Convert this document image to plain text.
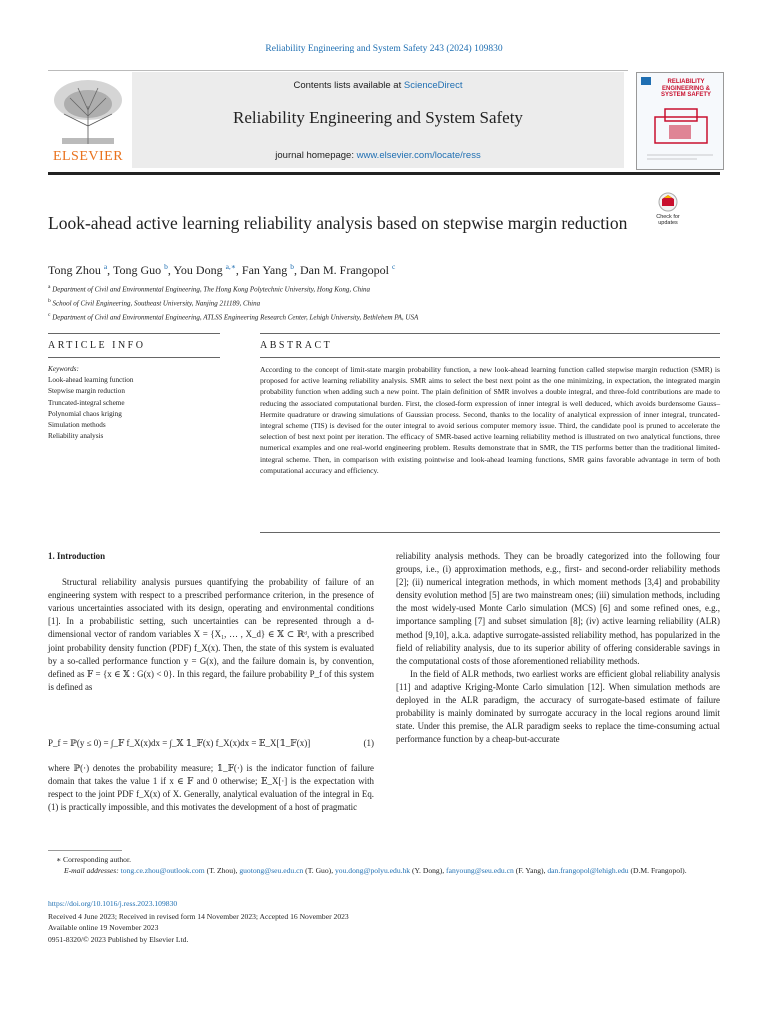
Reliability Engineering and System Safety 243 (2024) 109830
ELSEVIER
Contents lists available at ScienceDirect
Reliability Engineering and System Safety
journal homepage: www.elsevier.com/locate/ress
RELIABILITY ENGINEERING & SYSTEM SAFETY
Look-ahead active learning reliability analysis based on stepwise margin reduction	Check for updates
Tong Zhou $^a$, Tong Guo $^b$, You Dong $^{a,∗}$, Fan Yang $^b$, Dan M. Frangopol $^c$
$^a$ Department of Civil and Environmental Engineering, The Hong Kong Polytechnic University, Hong Kong, China
$^b$ School of Civil Engineering, Southeast University, Nanjing 211189, China
$^c$ Department of Civil and Environmental Engineering, ATLSS Engineering Research Center, Lehigh University, Bethlehem PA, USA
ARTICLE INFO	ABSTRACT
Keywords:
Look-ahead learning function
Stepwise margin reduction
Truncated-integral scheme
Polynomial chaos kriging
Simulation methods
Reliability analysis
According to the concept of limit-state margin probability function, a new look-ahead learning function called stepwise margin reduction (SMR) is proposed for active learning reliability analysis. SMR aims to select the best next point as the one minimizing, in expectation, the integrated margin probability function when adding such a new point. The plain definition of SMR involves a double integral, and three-fold contributions are made to reducing the associated computational burden. First, the closed-form expression of inner integral is well deduced, which avoids burdensome Gauss–Hermite quadrature or drawing simulations of Gaussian process. Second, thanks to the locality of analytical expression of inner integral, truncated-integral scheme (TIS) is devised for the outer integral to avoid serious computer memory issue. Third, the candidate pool is pruned to accelerate the selection of best next point per iteration. The efficacy of SMR-based active learning reliability method is illustrated on two analytical functions, three numerical examples and one real-world engineering problem. Results demonstrate that in SMR, the TIS performs better than the traditional limited-integral scheme. Then, in comparison with existing pointwise and look-ahead learning functions, SMR gains favorable advantage in term of both computational accuracy and efficiency.

1. Introduction

Structural reliability analysis pursues quantifying the probability of failure of an engineering system with respect to a prescribed performance criterion, in the presence of various uncertainties associated with its design, operating and environmental conditions [1]. In a probabilistic setting, such uncertainties can be represented through a d-dimensional vector of random variables X = {X₁, … , X_d} ∈ 𝕏 ⊂ ℝᵈ, with a prescribed joint probability density function (PDF) f_X(x). Then, the state of this system is evaluated by a so-called performance function y = G(x), and the failure domain is, by convention, defined as 𝔽 = {x ∈ 𝕏 : G(x) < 0}. In this regard, the failure probability P_f of this system is defined as

P_f = ℙ(y ≤ 0) = ∫_𝔽 f_X(x)dx = ∫_𝕏 𝟙_𝔽(x) f_X(x)dx = 𝔼_X[𝟙_𝔽(x)]	(1)

where ℙ(·) denotes the probability measure; 𝟙_𝔽(·) is the indicator function of failure domain that takes the value 1 if x ∈ 𝔽 and 0 otherwise; 𝔼_X[·] is the expectation with respect to the joint PDF f_X(x) of X. Generally, analytical evaluation of the integral in Eq. (1) is practically impossible, and this motivates the development of a host of pragmatic

reliability analysis methods. They can be broadly categorized into the following four groups, i.e., (i) approximation methods, e.g., first- and second-order reliability methods [2]; (ii) numerical integration methods, in which moment methods [3,4] and probability density evolution method [5] are two mainstream ones; (iii) simulation methods, including the most widely-used Monte Carlo simulation (MCS) [6] and some refined ones, e.g., importance sampling [7] and subset simulation [8]; (iv) active learning reliability (ALR) method [9,10], a.k.a. adaptive surrogate-assisted reliability method, has popularized in the field of reliability analysis, due to its superior ability of offering considerable savings in the computational costs of those aforementioned reliability methods.

In the field of ALR methods, two earliest works are efficient global reliability analysis [11] and adaptive Kriging-Monte Carlo simulation [12]. When simulation methods are deployed in the ALR paradigm, the accuracy of surrogate-based estimate of failure probability is mainly dominated by surrogate accuracy in the local regions around limit state. Under this premise, the ALR paradigm seeks to replace the time-consuming actual performance function by a cheap-but-accurate

∗ Corresponding author.
E-mail addresses: tong.ce.zhou@outlook.com (T. Zhou), guotong@seu.edu.cn (T. Guo), you.dong@polyu.edu.hk (Y. Dong), fanyoung@seu.edu.cn (F. Yang), dan.frangopol@lehigh.edu (D.M. Frangopol).
https://doi.org/10.1016/j.ress.2023.109830
Received 4 June 2023; Received in revised form 14 November 2023; Accepted 16 November 2023
Available online 19 November 2023
0951-8320/© 2023 Published by Elsevier Ltd.
